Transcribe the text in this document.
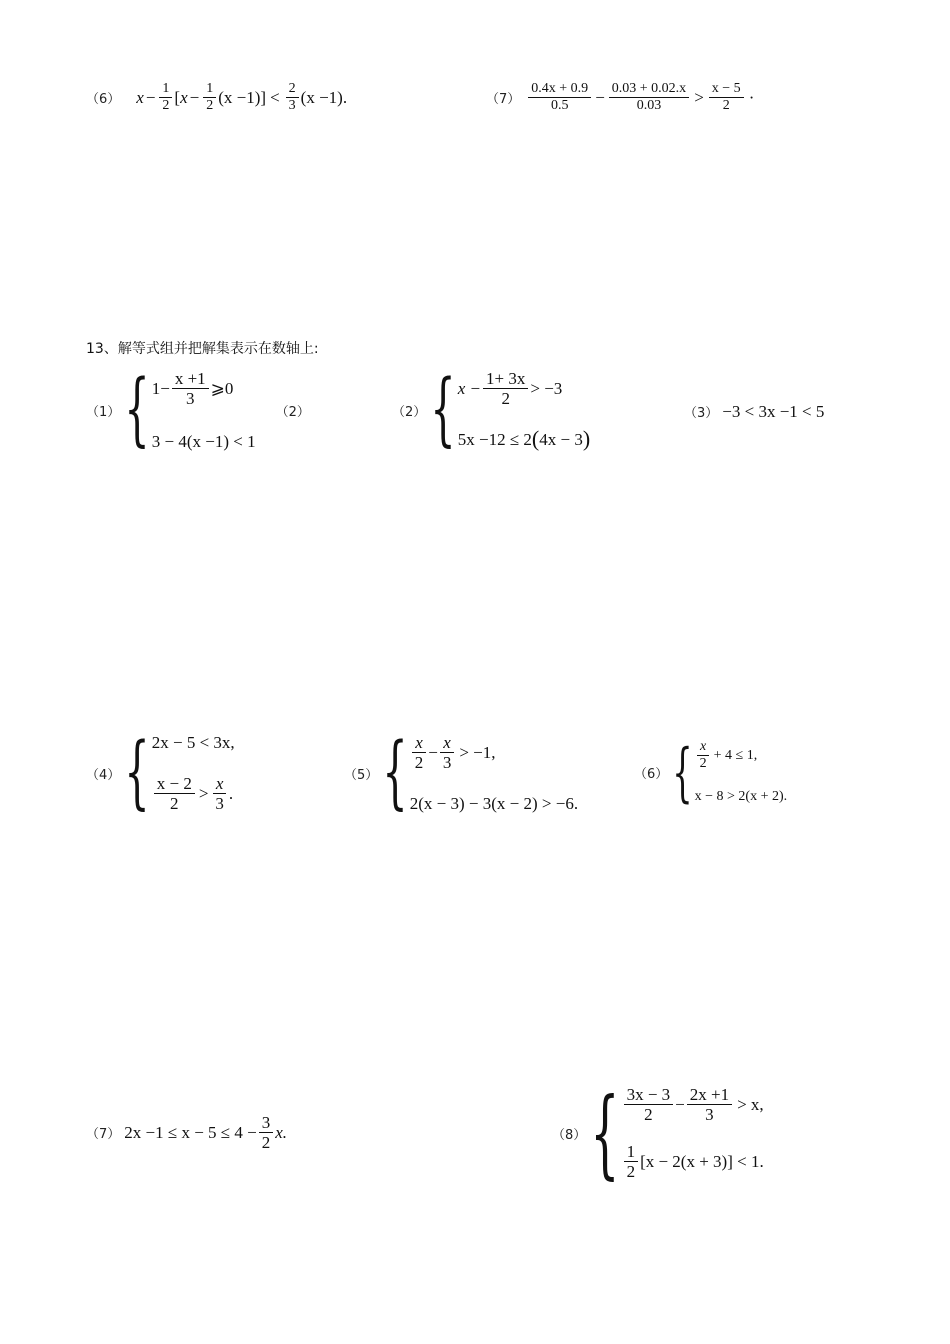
（6） $x - \frac{1}{2}$ [ $x - \frac{1}{2} (x -1)] < \frac{2}{3} (x -1)$.	$(7) \frac{0.4x + 0.9}{0.5} - \frac{0.03 + 0.02.x}{0.03} > \frac{x - 5}{2}$ ·
13、解等式组并把解集表示在数轴上:
（1） { $1- \frac{x +1}{3}$ ⩾0
3 − 4(x −1) < 1
（2）	（2） { $x - \frac{1+ 3x}{2} > -3$
5x −12 ≤ 2 ( 4x − 3 )
（3） −3 < 3x −1 < 5
（4） { 2x − 5 < 3x,
$\frac{x - 2}{2} > \frac{x}{3}$ .
（5） { $\frac{x}{2} - \frac{x}{3} > -1$,
2(x − 3) − 3(x − 2) > −6.
（6） { $\frac{x}{2} + 4 \le 1$,
x − 8 > 2(x + 2).
（7） $2x -1 \le x - 5 \le 4 - \frac{3}{2} x$.	（8） { $\frac{3x - 3}{2} - \frac{2x +1}{3} > x$,
$\frac{1}{2} [x - 2(x + 3)] < 1$.
